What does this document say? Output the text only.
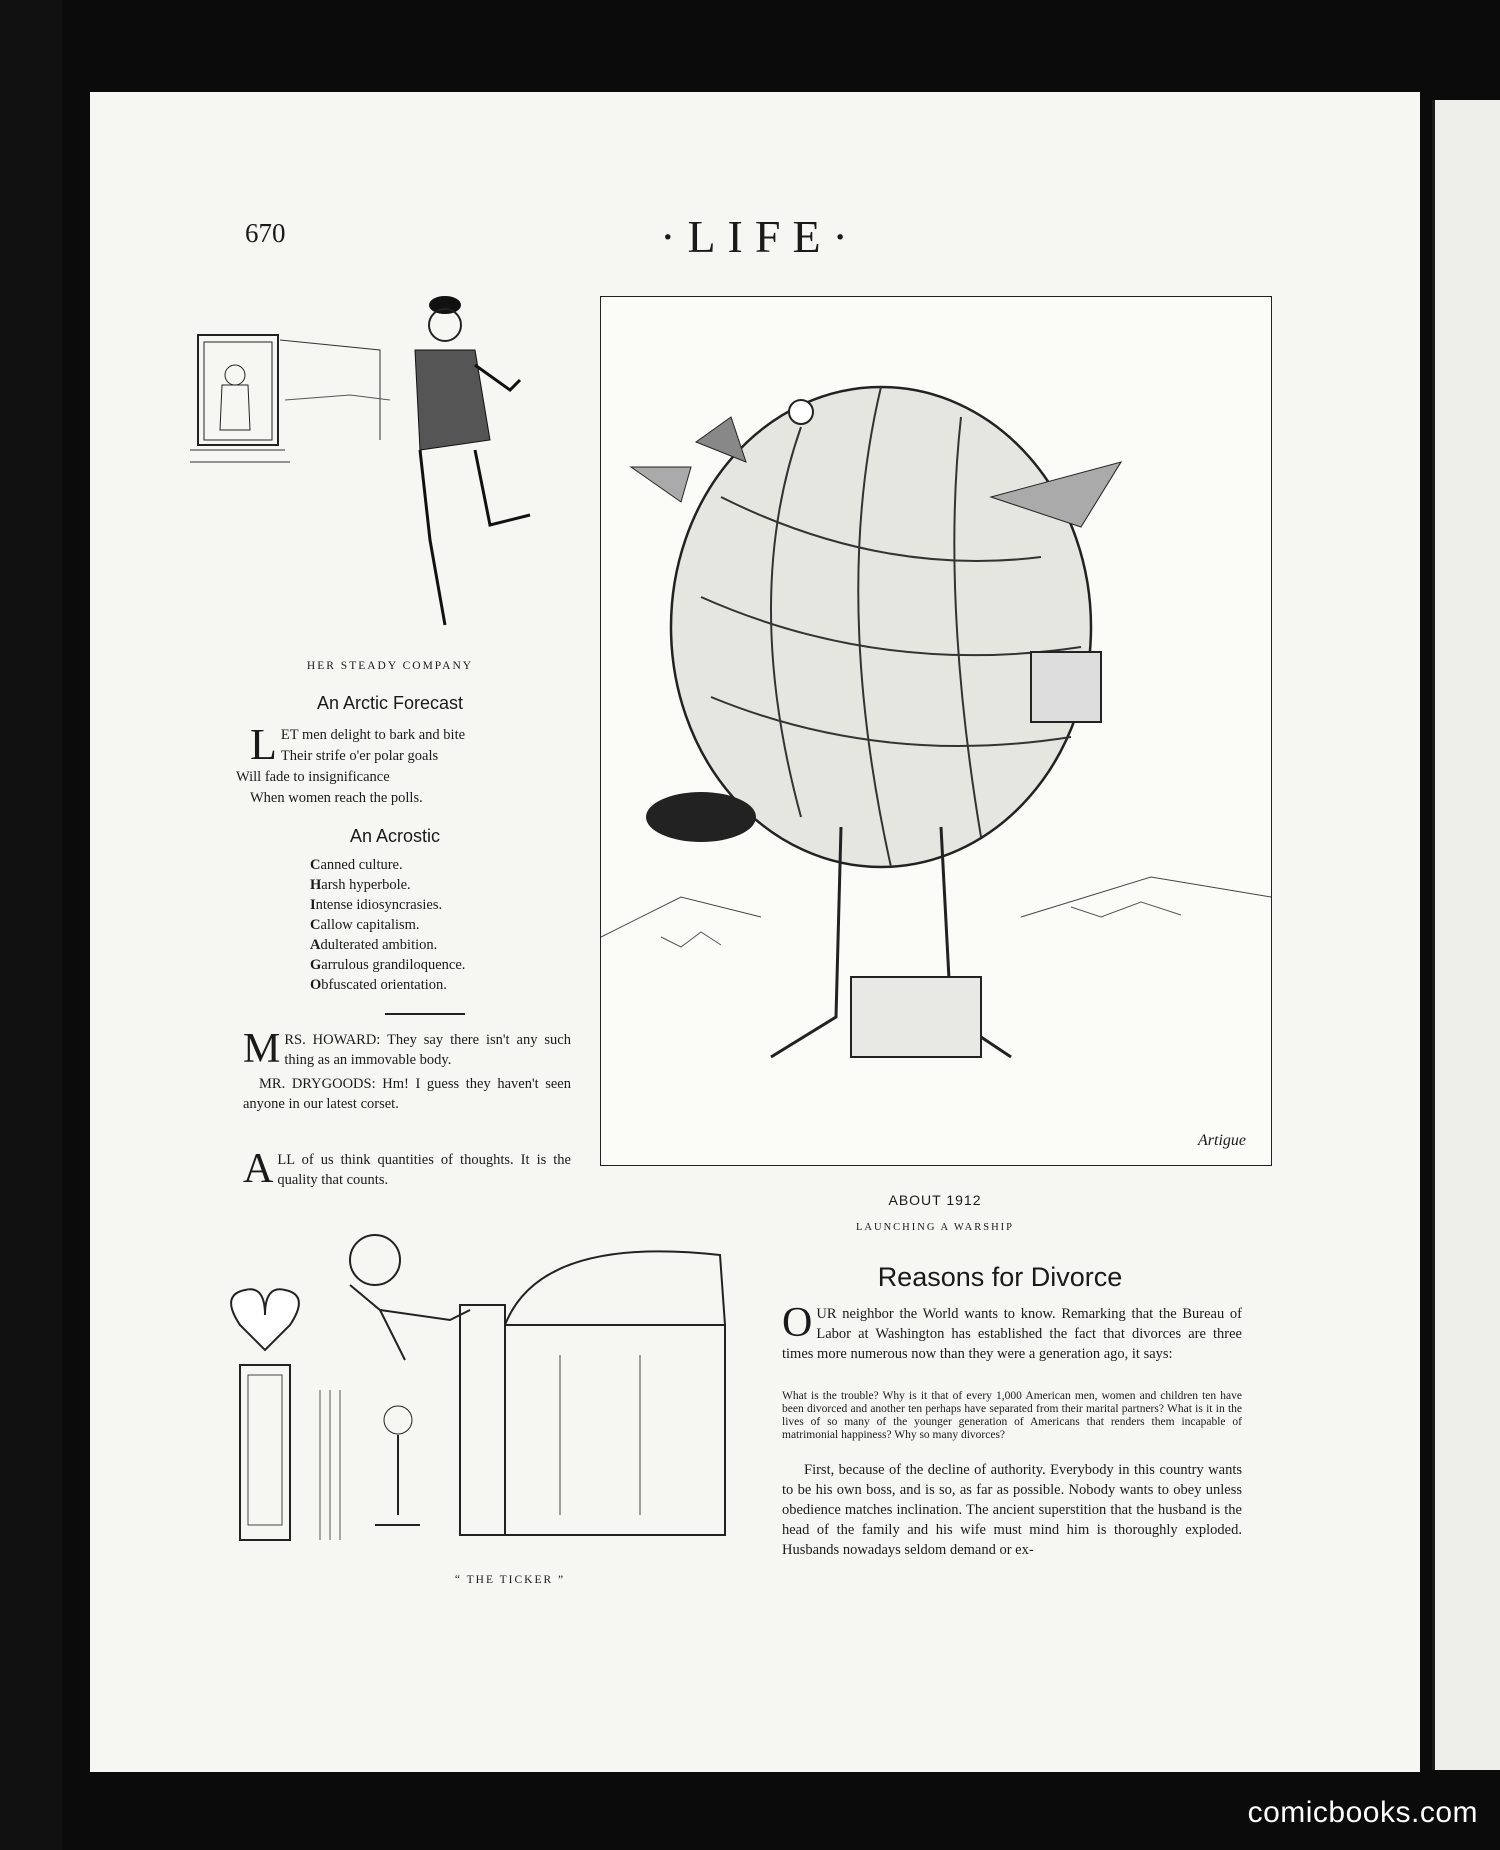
670	·LIFE·
HER STEADY COMPANY
An Arctic Forecast
L ET men delight to bark and bite
Their strife o'er polar goals
Will fade to insignificance
When women reach the polls.
An Acrostic
Canned culture.
Harsh hyperbole.
Intense idiosyncrasies.
Callow capitalism.
Adulterated ambition.
Garrulous grandiloquence.
Obfuscated orientation.
MRS. HOWARD: They say there isn't any such thing as an immovable body.
MR. DRYGOODS: Hm! I guess they haven't seen anyone in our latest corset.
ALL of us think quantities of thoughts. It is the quality that counts.
Artigue
ABOUT 1912
LAUNCHING A WARSHIP
“ THE TICKER ”
Reasons for Divorce
OUR neighbor the World wants to know. Remarking that the Bureau of Labor at Washington has established the fact that divorces are three times more numerous now than they were a generation ago, it says:
What is the trouble? Why is it that of every 1,000 American men, women and children ten have been divorced and another ten perhaps have separated from their marital partners? What is it in the lives of so many of the younger generation of Americans that renders them incapable of matrimonial happiness? Why so many divorces?
First, because of the decline of authority. Everybody in this country wants to be his own boss, and is so, as far as possible. Nobody wants to obey unless obedience matches inclination. The ancient superstition that the husband is the head of the family and his wife must mind him is thoroughly exploded. Husbands nowadays seldom demand or ex-
comicbooks.com
